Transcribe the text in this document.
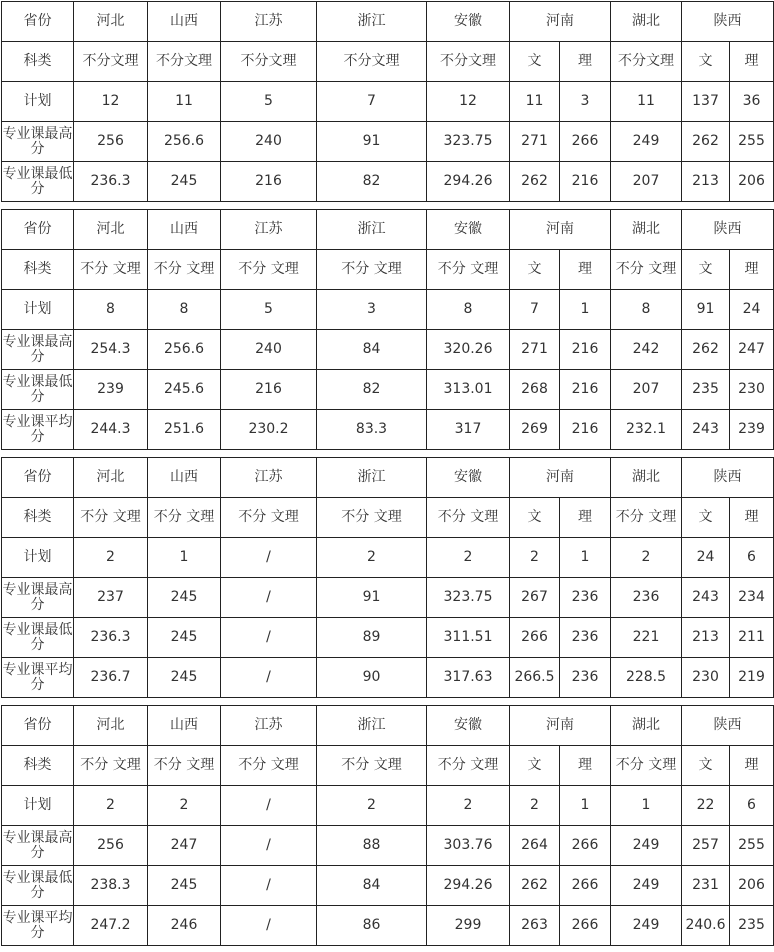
省份	河北	山西	江苏	浙江	安徽	河南		湖北	陕西	
科类	不分文理	不分文理	不分文理	不分文理	不分文理	文	理	不分文理	文	理
计划	12	11	5	7	12	11	3	11	137	36
专业课最高分	256	256.6	240	91	323.75	271	266	249	262	255
专业课最低分	236.3	245	216	82	294.26	262	216	207	213	206
省份	河北	山西	江苏	浙江	安徽	河南		湖北	陕西	
科类	不分 文理	不分 文理	不分 文理	不分 文理	不分 文理	文	理	不分 文理	文	理
计划	8	8	5	3	8	7	1	8	91	24
专业课最高分	254.3	256.6	240	84	320.26	271	216	242	262	247
专业课最低分	239	245.6	216	82	313.01	268	216	207	235	230
专业课平均分	244.3	251.6	230.2	83.3	317	269	216	232.1	243	239
省份	河北	山西	江苏	浙江	安徽	河南		湖北	陕西	
科类	不分 文理	不分 文理	不分 文理	不分 文理	不分 文理	文	理	不分 文理	文	理
计划	2	1	/	2	2	2	1	2	24	6
专业课最高分	237	245	/	91	323.75	267	236	236	243	234
专业课最低分	236.3	245	/	89	311.51	266	236	221	213	211
专业课平均分	236.7	245	/	90	317.63	266.5	236	228.5	230	219
省份	河北	山西	江苏	浙江	安徽	河南		湖北	陕西	
科类	不分 文理	不分 文理	不分 文理	不分 文理	不分 文理	文	理	不分 文理	文	理
计划	2	2	/	2	2	2	1	1	22	6
专业课最高分	256	247	/	88	303.76	264	266	249	257	255
专业课最低分	238.3	245	/	84	294.26	262	266	249	231	206
专业课平均分	247.2	246	/	86	299	263	266	249	240.6	235
